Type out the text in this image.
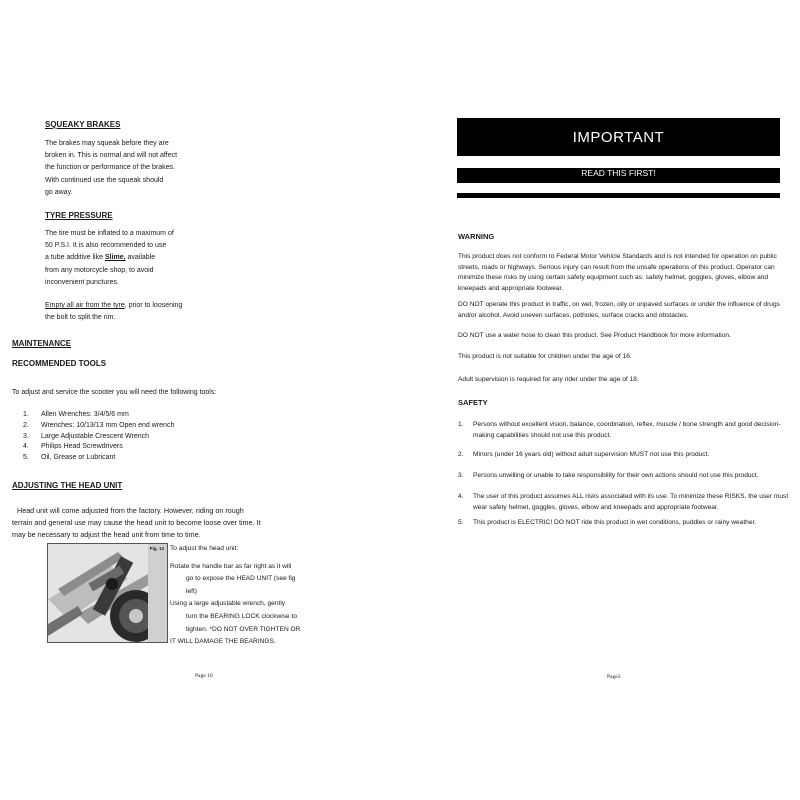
SQUEAKY BRAKES
The brakes may squeak before they are
broken in. This is normal and will not affect
the function or performance of the brakes.
With continued use the squeak should
go away.
TYRE PRESSURE
The tire must be inflated to a maximum of
50 P.S.I. It is also recommended to use
a tube additive like Slime, available
from any motorcycle shop, to avoid
inconvenient punctures.
Empty all air from the tyre, prior to loosening
the bolt to split the rim.
MAINTENANCE
RECOMMENDED TOOLS
To adjust and service the scooter you will need the following tools:
1. Allen Wrenches: 3/4/5/6 mm
2. Wrenches: 10/13/13 mm Open end wrench
3. Large Adjustable Crescent Wrench
4. Philips Head Screwdrivers
5. Oil, Grease or Lubricant
ADJUSTING THE HEAD UNIT
Head unit will come adjusted from the factory. However, riding on rough
terrain and general use may cause the head unit to become loose over time. It
may be necessary to adjust the head unit from time to time.
Fig. 13 To adjust the head unit:
Rotate the handle bar as far right as it will
go to expose the HEAD UNIT (see fig
left)
Using a large adjustable wrench, gently
turn the BEARING LOCK clockwise to
tighten. *DO NOT OVER TIGHTEN OR
IT WILL DAMAGE THE BEARINGS.
Page 10
IMPORTANT
READ THIS FIRST!
WARNING

This product does not conform to Federal Motor Vehicle Standards and is not intended for operation on public streets, roads or highways. Serious injury can result from the unsafe operations of this product. Operator can minimize these risks by using certain safety equipment such as: safety helmet, goggles, gloves, elbow and kneepads and appropriate footwear.

DO NOT operate this product in traffic, on wet, frozen, oily or unpaved surfaces or under the influence of drugs and/or alcohol. Avoid uneven surfaces, potholes, surface cracks and obstacles.

DO NOT use a water hose to clean this product. See Product Handbook for more information.

This product is not suitable for children under the age of 16.

Adult supervision is required for any rider under the age of 18.

SAFETY
1.	Persons without excellent vision, balance, coordination, reflex, muscle / bone strength and good decision-making capabilities should not use this product.
2.	Minors (under 16 years old) without adult supervision MUST not use this product.
3.	Persons unwilling or unable to take responsibility for their own actions should not use this product.
4.	The user of this product assumes ALL risks associated with its use. To minimize these RISKS, the user must wear safety helmet, goggles, gloves, elbow and kneepads and appropriate footwear.
5.	This product is ELECTRIC! DO NOT ride this product in wet conditions, puddles or rainy weather.
Page3
